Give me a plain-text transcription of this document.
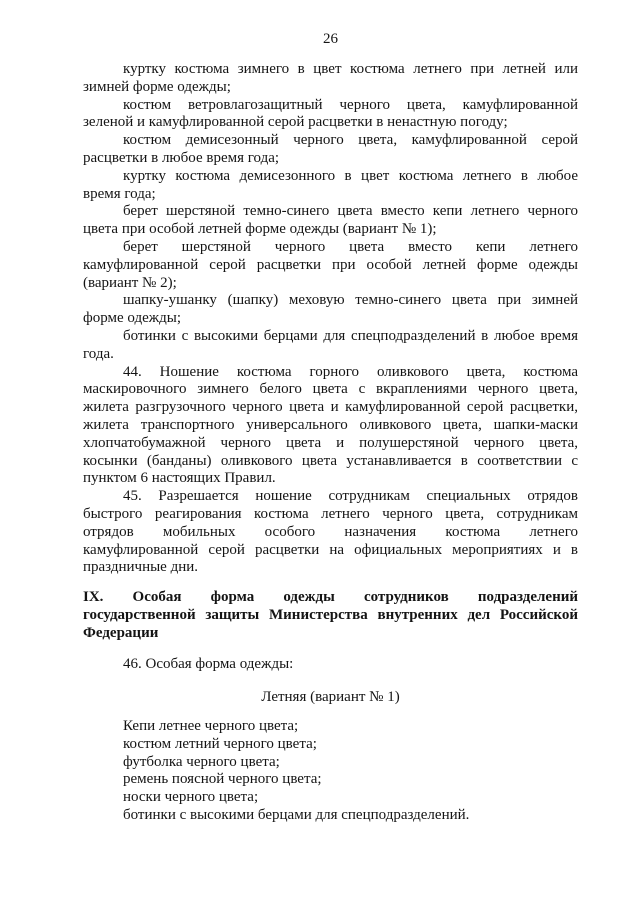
26
куртку костюма зимнего в цвет костюма летнего при летней или
зимней форме одежды;
костюм ветровлагозащитный черного цвета, камуфлированной
зеленой и камуфлированной серой расцветки в ненастную погоду;
костюм демисезонный черного цвета, камуфлированной серой
расцветки в любое время года;
куртку костюма демисезонного в цвет костюма летнего в любое
время года;
берет шерстяной темно-синего цвета вместо кепи летнего черного
цвета при особой летней форме одежды (вариант № 1);
берет шерстяной черного цвета вместо кепи летнего
камуфлированной серой расцветки при особой летней форме одежды
(вариант № 2);
шапку-ушанку (шапку) меховую темно-синего цвета при зимней
форме одежды;
ботинки с высокими берцами для спецподразделений в любое время
года.
44. Ношение костюма горного оливкового цвета, костюма
маскировочного зимнего белого цвета с вкраплениями черного цвета,
жилета разгрузочного черного цвета и камуфлированной серой расцветки,
жилета транспортного универсального оливкового цвета, шапки-маски
хлопчатобумажной черного цвета и полушерстяной черного цвета,
косынки (банданы) оливкового цвета устанавливается в соответствии с
пунктом 6 настоящих Правил.
45. Разрешается ношение сотрудникам специальных отрядов
быстрого реагирования костюма летнего черного цвета, сотрудникам
отрядов мобильных особого назначения костюма летнего
камуфлированной серой расцветки на официальных мероприятиях и в
праздничные дни.
IX. Особая форма одежды сотрудников подразделений
государственной защиты Министерства внутренних дел Российской
Федерации
46. Особая форма одежды:
Летняя (вариант № 1)
Кепи летнее черного цвета;
костюм летний черного цвета;
футболка черного цвета;
ремень поясной черного цвета;
носки черного цвета;
ботинки с высокими берцами для спецподразделений.
